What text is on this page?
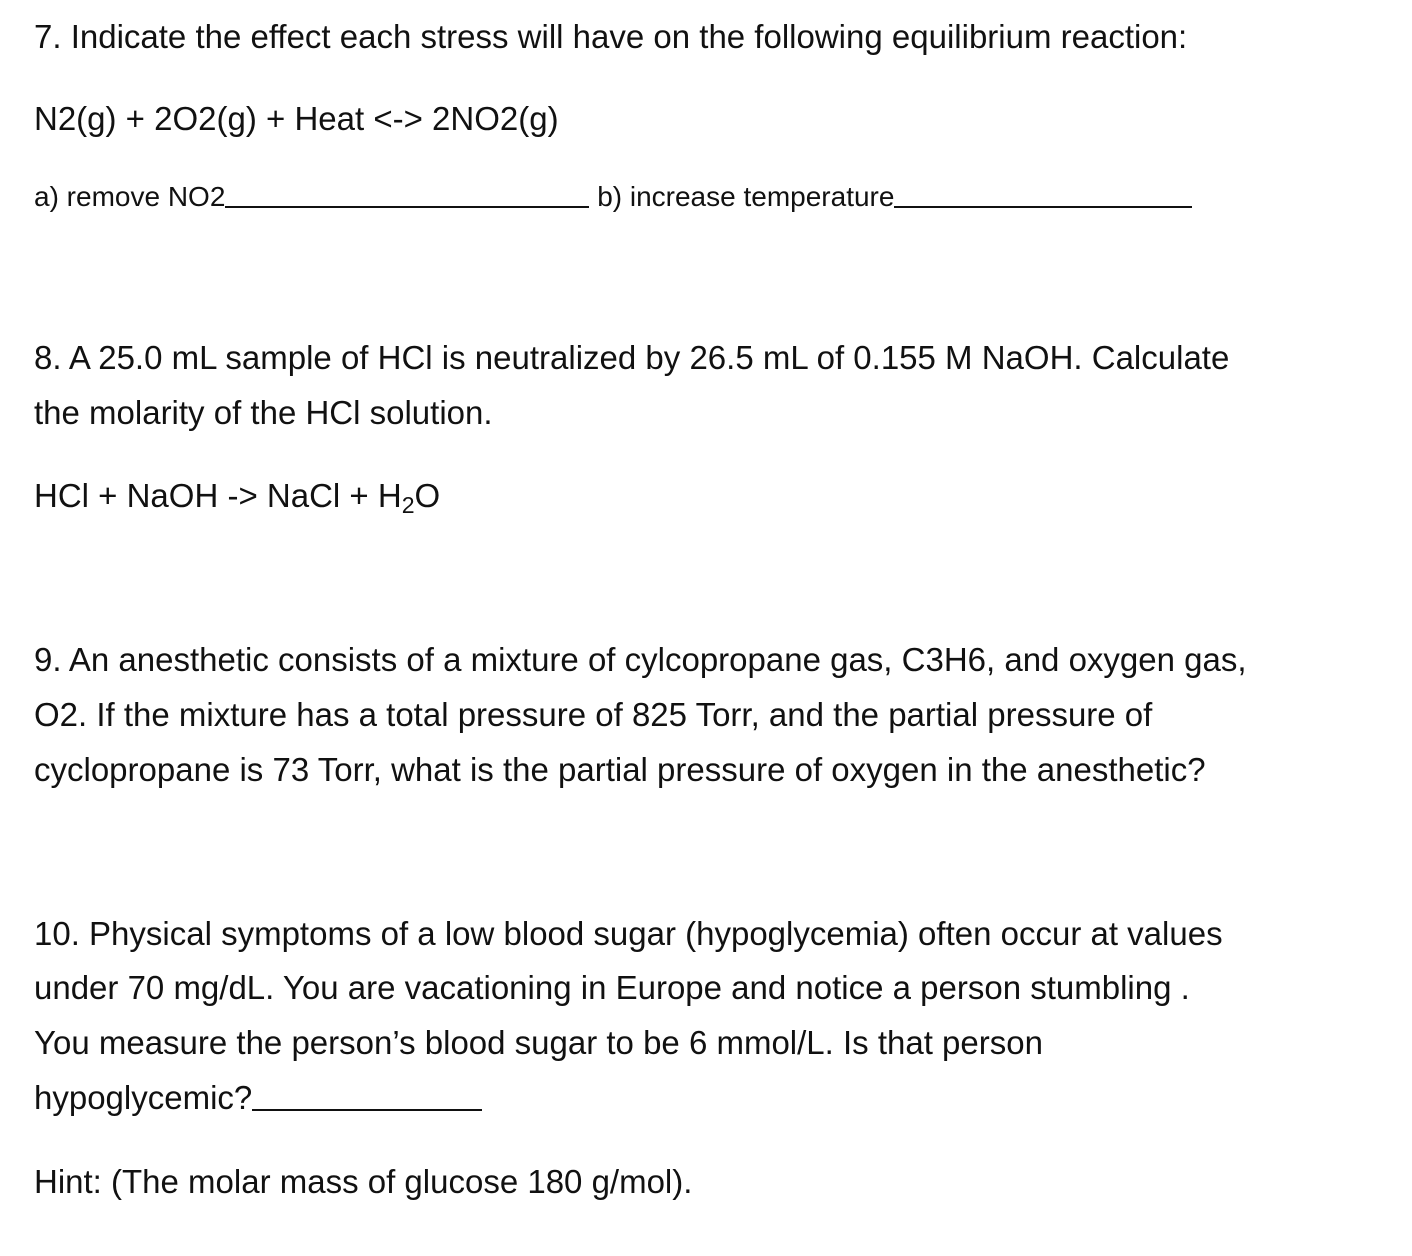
7. Indicate the effect each stress will have on the following equilibrium reaction:
N2(g) + 2O2(g) + Heat <-> 2NO2(g)
a) remove NO2	b) increase temperature
8. A 25.0 mL sample of HCl is neutralized by 26.5 mL of 0.155 M NaOH. Calculate
the molarity of the HCl solution.
HCl + NaOH -> NaCl + $H_2O$
9. An anesthetic consists of a mixture of cylcopropane gas, C3H6, and oxygen gas,
O2. If the mixture has a total pressure of 825 Torr, and the partial pressure of
cyclopropane is 73 Torr, what is the partial pressure of oxygen in the anesthetic?
10. Physical symptoms of a low blood sugar (hypoglycemia) often occur at values
under 70 mg/dL. You are vacationing in Europe and notice a person stumbling .
You measure the person’s blood sugar to be 6 mmol/L. Is that person
hypoglycemic?
Hint: (The molar mass of glucose 180 g/mol).
